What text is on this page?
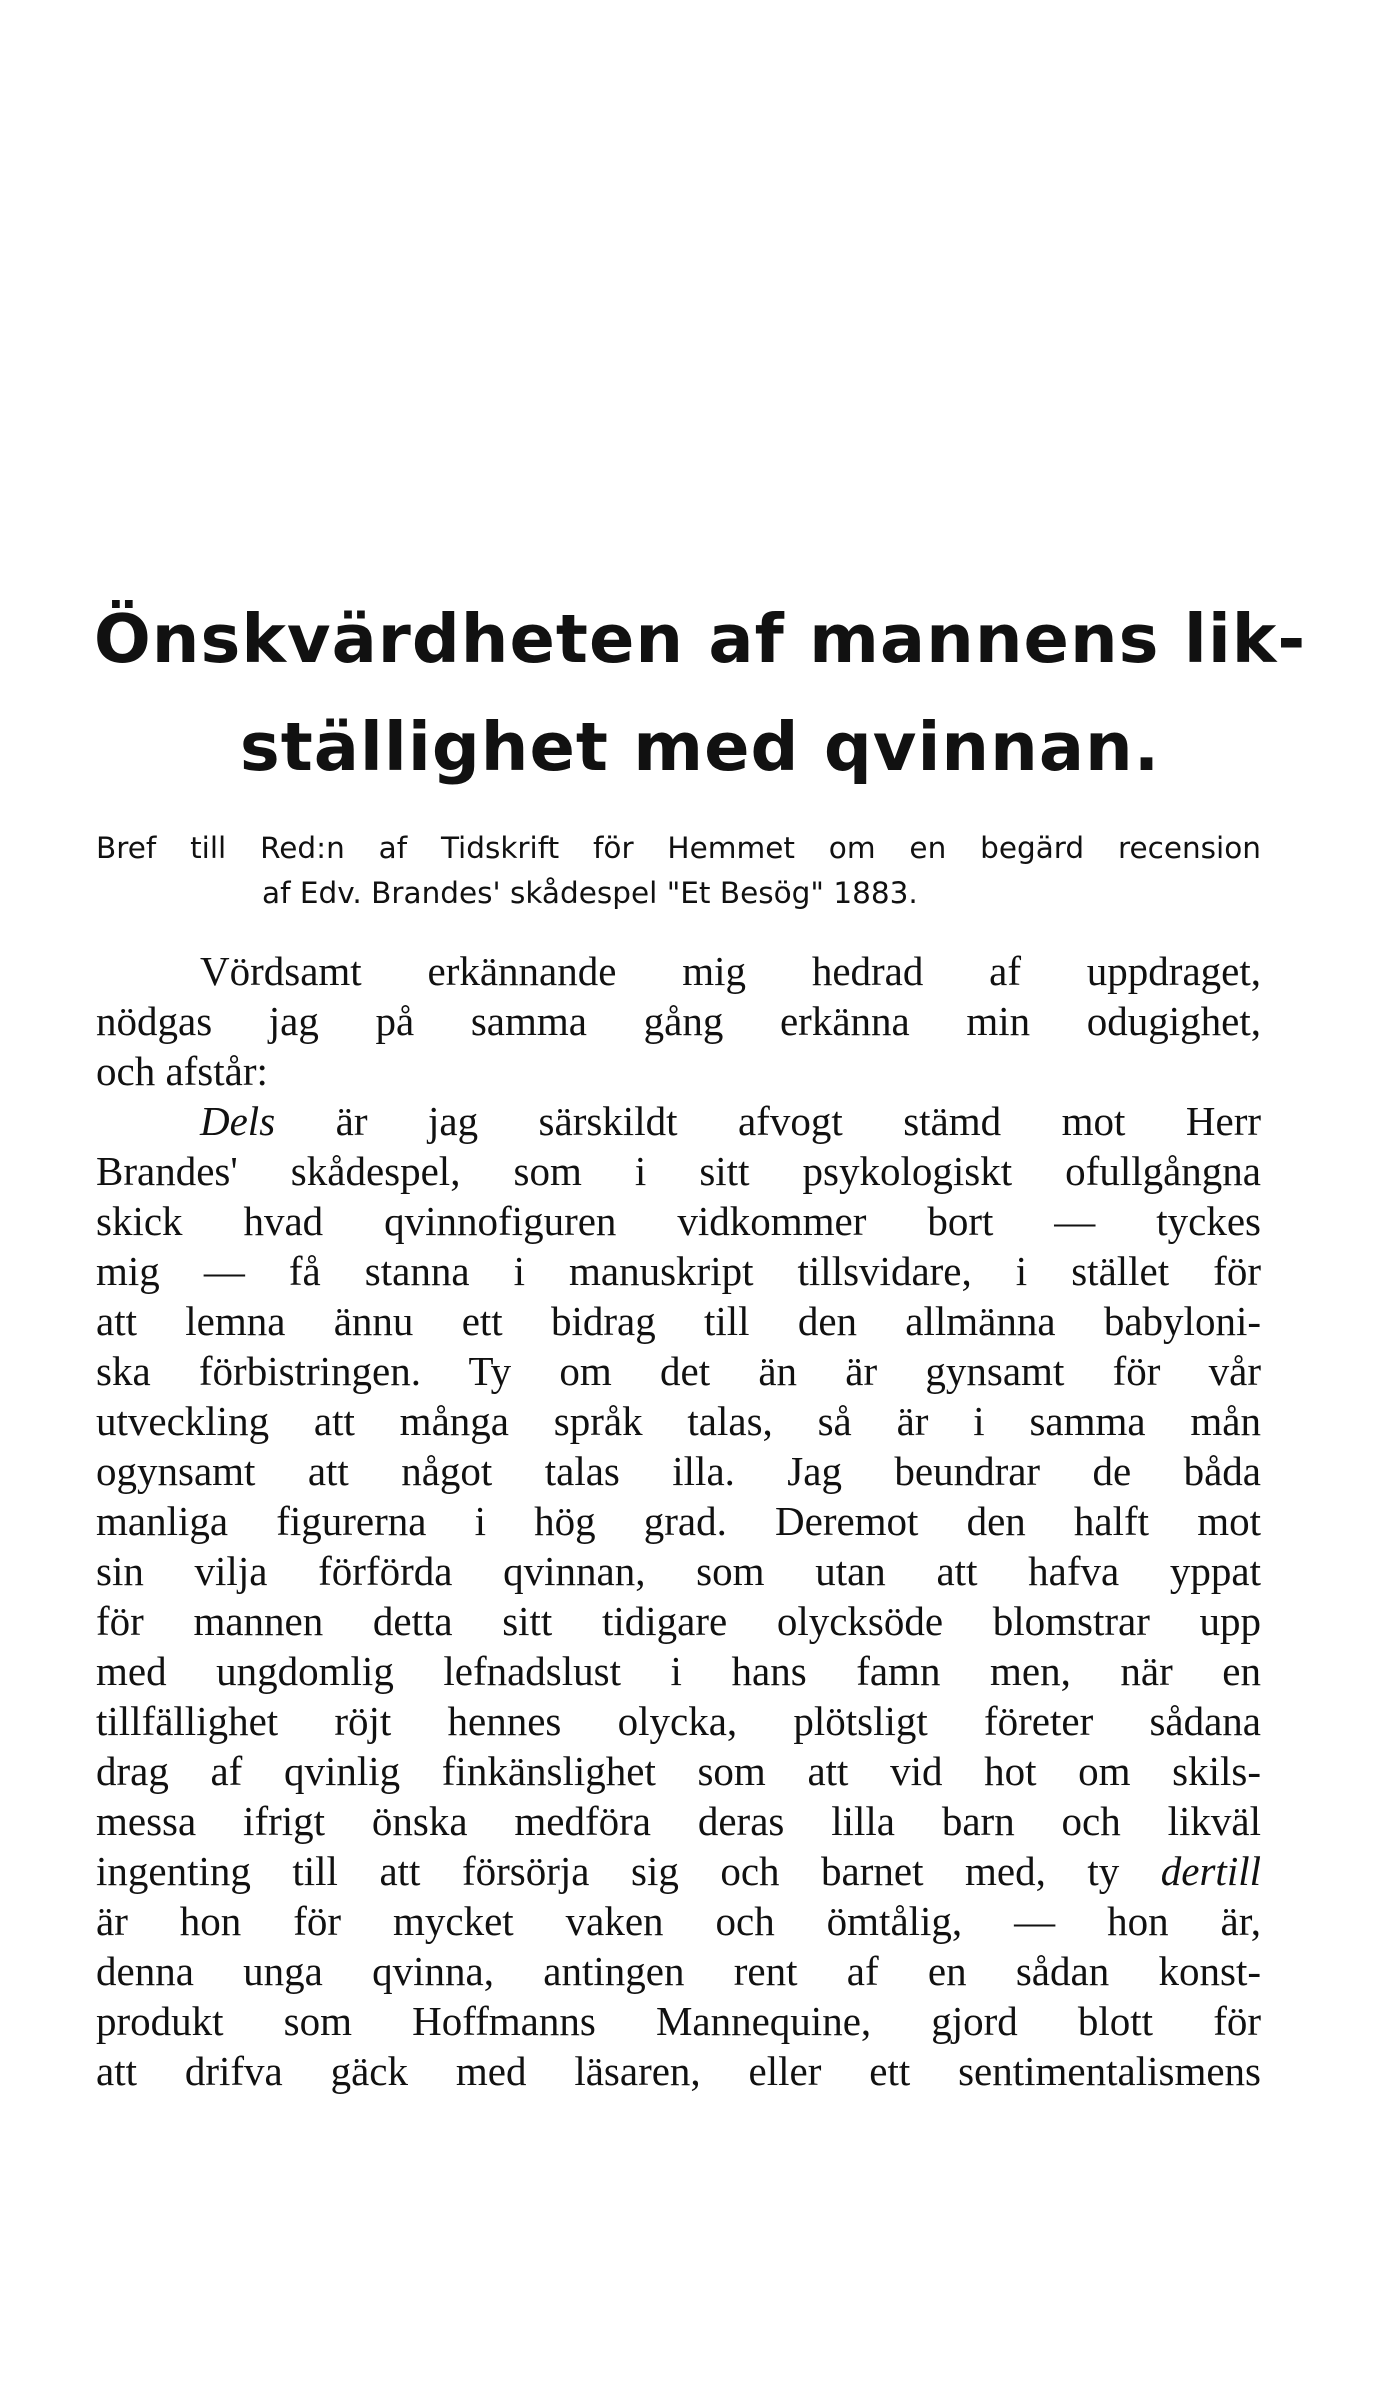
Önskvärdheten af mannens lik-
ställighet med qvinnan.
Bref till Red:n af Tidskrift för Hemmet om en begärd recension
af Edv. Brandes' skådespel "Et Besög" 1883.
Vördsamt erkännande mig hedrad af uppdraget,
nödgas jag på samma gång erkänna min odugighet,
och afstår:
Dels är jag särskildt afvogt stämd mot Herr
Brandes' skådespel, som i sitt psykologiskt ofullgångna
skick hvad qvinnofiguren vidkommer bort — tyckes
mig — få stanna i manuskript tillsvidare, i stället för
att lemna ännu ett bidrag till den allmänna babyloni-
ska förbistringen. Ty om det än är gynsamt för vår
utveckling att många språk talas, så är i samma mån
ogynsamt att något talas illa. Jag beundrar de båda
manliga figurerna i hög grad. Deremot den halft mot
sin vilja förförda qvinnan, som utan att hafva yppat
för mannen detta sitt tidigare olycksöde blomstrar upp
med ungdomlig lefnadslust i hans famn men, när en
tillfällighet röjt hennes olycka, plötsligt företer sådana
drag af qvinlig finkänslighet som att vid hot om skils-
messa ifrigt önska medföra deras lilla barn och likväl
ingenting till att försörja sig och barnet med, ty dertill
är hon för mycket vaken och ömtålig, — hon är,
denna unga qvinna, antingen rent af en sådan konst-
produkt som Hoffmanns Mannequine, gjord blott för
att drifva gäck med läsaren, eller ett sentimentalismens
